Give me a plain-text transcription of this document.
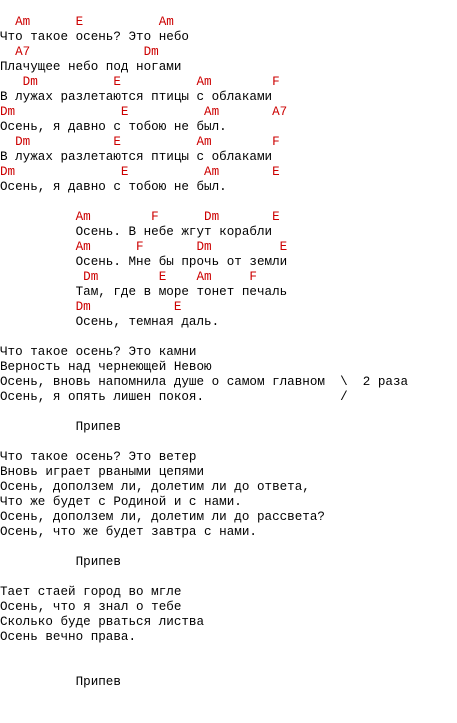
Am      E          Am
Что такое осень? Это небо
A7               Dm
Плачущее небо под ногами
Dm          E          Am        F
В лужах разлетаются птицы с облаками
Dm              E          Am       A7
Осень, я давно с тобою не был.
Dm           E          Am        F
В лужах разлетаются птицы с облаками
Dm              E          Am       E
Осень, я давно с тобою не был.
Am        F      Dm       E
Осень. В небе жгут корабли
Am      F       Dm         E
Осень. Мне бы прочь от земли
Dm        E    Am     F
Там, где в море тонет печаль
Dm           E
Осень, темная даль.
Что такое осень? Это камни
Верность над чернеющей Невою
Осень, вновь напомнила душе о самом главном  \  2 раза
Осень, я опять лишен покоя.                  /
Припев
Что такое осень? Это ветер
Вновь играет рваными цепями
Осень, доползем ли, долетим ли до ответа,
Что же будет с Родиной и с нами.
Осень, доползем ли, долетим ли до рассвета?
Осень, что же будет завтра с нами.
Припев
Тает стаей город во мгле
Осень, что я знал о тебе
Сколько буде рваться листва
Осень вечно права.
Припев
